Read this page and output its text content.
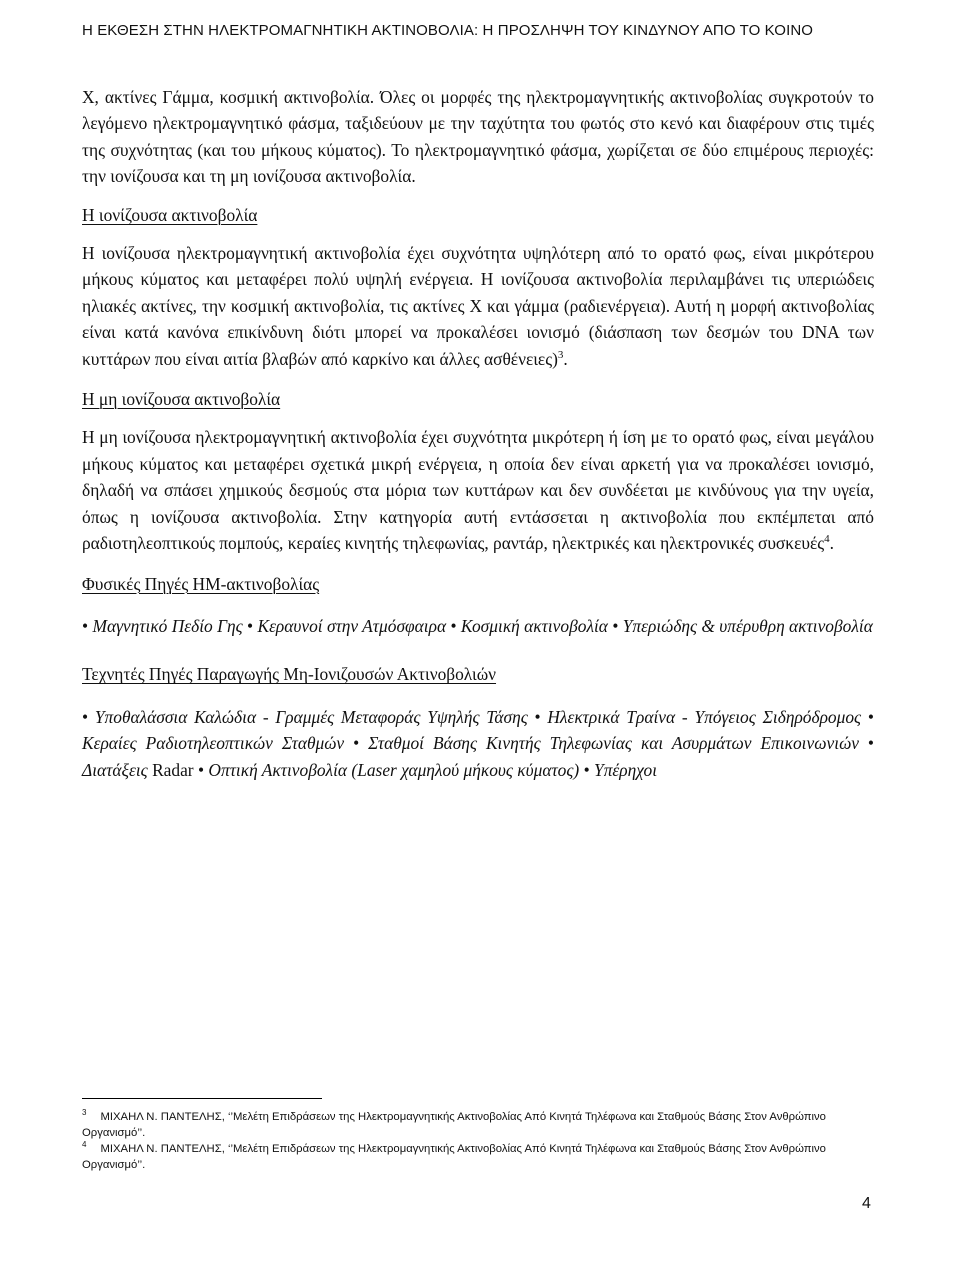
Η ΕΚΘΕΣΗ ΣΤΗΝ ΗΛΕΚΤΡΟΜΑΓΝΗΤΙΚΗ ΑΚΤΙΝΟΒΟΛΙΑ: Η ΠΡΟΣΛΗΨΗ ΤΟΥ ΚΙΝΔΥΝΟΥ ΑΠΟ ΤΟ ΚΟΙΝΟ

Χ, ακτίνες Γάμμα, κοσμική ακτινοβολία. Όλες οι μορφές της ηλεκτρομαγνητικής ακτινοβολίας συγκροτούν το λεγόμενο ηλεκτρομαγνητικό φάσμα, ταξιδεύουν με την ταχύτητα του φωτός στο κενό και διαφέρουν στις τιμές της συχνότητας (και του μήκους κύματος). Το ηλεκτρομαγνητικό φάσμα, χωρίζεται σε δύο επιμέρους περιοχές: την ιονίζουσα και τη μη ιονίζουσα ακτινοβολία.

Η ιονίζουσα ακτινοβολία

Η ιονίζουσα ηλεκτρομαγνητική ακτινοβολία έχει συχνότητα υψηλότερη από το ορατό φως, είναι μικρότερου μήκους κύματος και μεταφέρει πολύ υψηλή ενέργεια. Η ιονίζουσα ακτινοβολία περιλαμβάνει τις υπεριώδεις ηλιακές ακτίνες, την κοσμική ακτινοβολία, τις ακτίνες Χ και γάμμα (ραδιενέργεια). Αυτή η μορφή ακτινοβολίας είναι κατά κανόνα επικίνδυνη διότι μπορεί να προκαλέσει ιονισμό (διάσπαση των δεσμών του DNA των κυττάρων που είναι αιτία βλαβών από καρκίνο και άλλες ασθένειες)$^3$.

Η μη ιονίζουσα ακτινοβολία

Η μη ιονίζουσα ηλεκτρομαγνητική ακτινοβολία έχει συχνότητα μικρότερη ή ίση με το ορατό φως, είναι μεγάλου μήκους κύματος και μεταφέρει σχετικά μικρή ενέργεια, η οποία δεν είναι αρκετή για να προκαλέσει ιονισμό, δηλαδή να σπάσει χημικούς δεσμούς στα μόρια των κυττάρων και δεν συνδέεται με κινδύνους για την υγεία, όπως η ιονίζουσα ακτινοβολία. Στην κατηγορία αυτή εντάσσεται η ακτινοβολία που εκπέμπεται από ραδιοτηλεοπτικούς πομπούς, κεραίες κινητής τηλεφωνίας, ραντάρ, ηλεκτρικές και ηλεκτρονικές συσκευές$^4$.

Φυσικές Πηγές ΗΜ-ακτινοβολίας

• Μαγνητικό Πεδίο Γης • Κεραυνοί στην Ατμόσφαιρα • Κοσμική ακτινοβολία • Υπεριώδης & υπέρυθρη ακτινοβολία

Τεχνητές Πηγές Παραγωγής Μη-Ιονιζουσών Ακτινοβολιών

• Υποθαλάσσια Καλώδια - Γραμμές Μεταφοράς Υψηλής Τάσης • Ηλεκτρικά Τραίνα - Υπόγειος Σιδηρόδρομος • Κεραίες Ραδιοτηλεοπτικών Σταθμών • Σταθμοί Βάσης Κινητής Τηλεφωνίας και Ασυρμάτων Επικοινωνιών • Διατάξεις Radar • Οπτική Ακτινοβολία (Laser χαμηλού μήκους κύματος) • Υπέρηχοι

$^3$ ΜΙΧΑΗΛ Ν. ΠΑΝΤΕΛΗΣ, ‘’Μελέτη Επιδράσεων της Ηλεκτρομαγνητικής Ακτινοβολίας Από Κινητά Τηλέφωνα και Σταθμούς Βάσης Στον Ανθρώπινο Οργανισμό’’.

$^4$ ΜΙΧΑΗΛ Ν. ΠΑΝΤΕΛΗΣ, ‘’Μελέτη Επιδράσεων της Ηλεκτρομαγνητικής Ακτινοβολίας Από Κινητά Τηλέφωνα και Σταθμούς Βάσης Στον Ανθρώπινο Οργανισμό’’.

4
